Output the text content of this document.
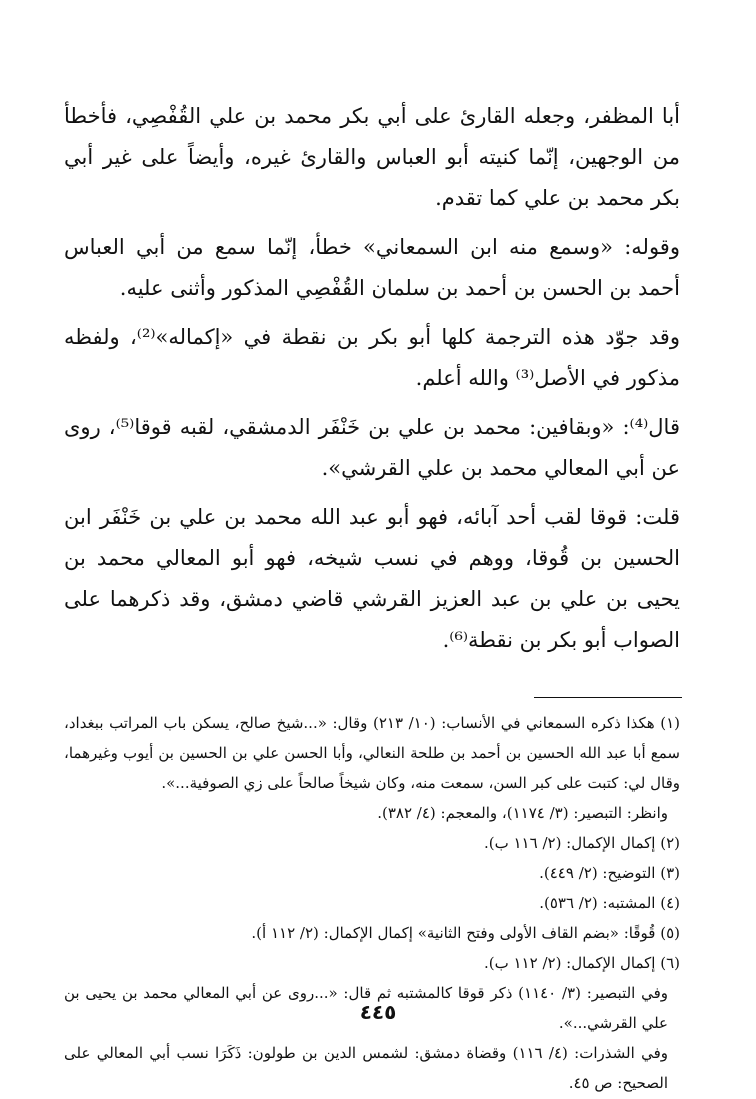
أبا المظفر، وجعله القارئ على أبي بكر محمد بن علي القُفْصِي، فأخطأ من الوجهين، إنّما كنيته أبو العباس والقارئ غيره، وأيضاً على غير أبي بكر محمد بن علي كما تقدم.

وقوله: «وسمع منه ابن السمعاني» خطأ، إنّما سمع من أبي العباس أحمد بن الحسن بن أحمد بن سلمان القُفْصِي المذكور وأثنى عليه.

وقد جوّد هذه الترجمة كلها أبو بكر بن نقطة في «إكماله»⁽²⁾، ولفظه مذكور في الأصل⁽³⁾ والله أعلم.

قال⁽⁴⁾: «وبقافين: محمد بن علي بن خَنْفَر الدمشقي، لقبه قوقا⁽⁵⁾، روى عن أبي المعالي محمد بن علي القرشي».

قلت: قوقا لقب أحد آبائه، فهو أبو عبد الله محمد بن علي بن خَنْفَر ابن الحسين بن قُوقا، ووهم في نسب شيخه، فهو أبو المعالي محمد بن يحيى بن علي بن عبد العزيز القرشي قاضي دمشق، وقد ذكرهما على الصواب أبو بكر بن نقطة⁽⁶⁾.

(١) هكذا ذكره السمعاني في الأنساب: (١٠/ ٢١٣) وقال: «...شيخ صالح، يسكن باب المراتب ببغداد، سمع أبا عبد الله الحسين بن أحمد بن طلحة النعالي، وأبا الحسن علي بن الحسين بن أيوب وغيرهما، وقال لي: كتبت على كبر السن، سمعت منه، وكان شيخاً صالحاً على زي الصوفية...».

وانظر: التبصير: (٣/ ١١٧٤)، والمعجم: (٤/ ٣٨٢).

(٢) إكمال الإكمال: (٢/ ١١٦ ب).

(٣) التوضيح: (٢/ ٤٤٩).

(٤) المشتبه: (٢/ ٥٣٦).

(٥) قُوقًا: «بضم القاف الأولى وفتح الثانية» إكمال الإكمال: (٢/ ١١٢ أ).

(٦) إكمال الإكمال: (٢/ ١١٢ ب).

وفي التبصير: (٣/ ١١٤٠) ذكر قوقا كالمشتبه ثم قال: «...روى عن أبي المعالي محمد بن يحيى بن علي القرشي...».

وفي الشذرات: (٤/ ١١٦) وقضاة دمشق: لشمس الدين بن طولون: ذَكَرَا نسب أبي المعالي على الصحيح: ص ٤٥.

٤٤٥
